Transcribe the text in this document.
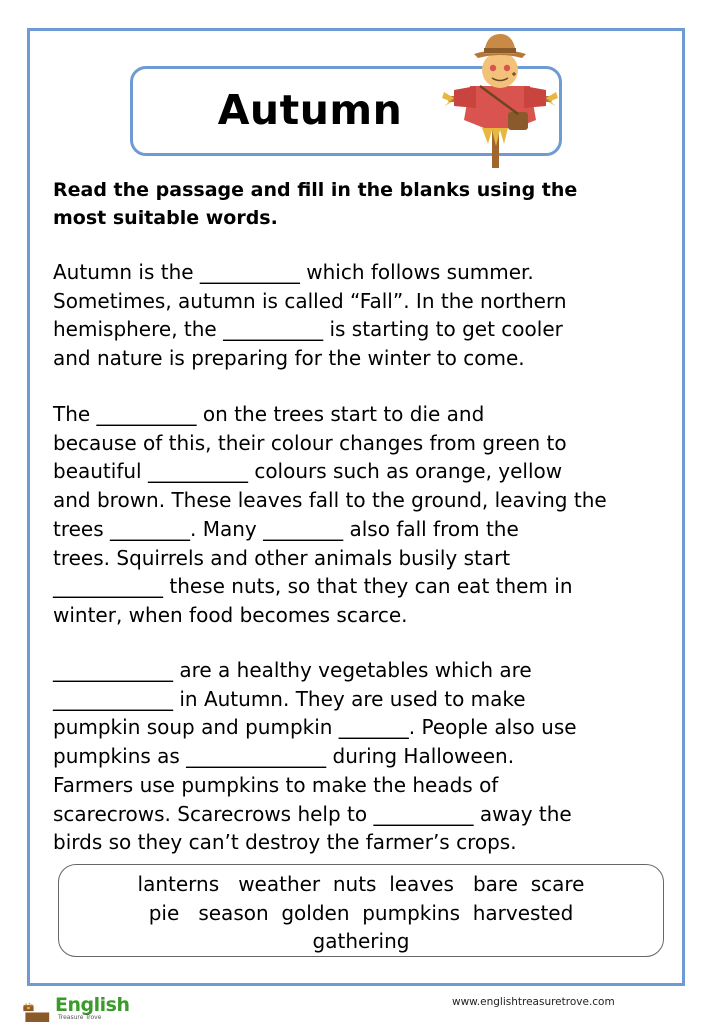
Autumn
Read the passage and fill in the blanks using the
most suitable words.
Autumn is the __________ which follows summer.
Sometimes, autumn is called “Fall”. In the northern
hemisphere, the __________ is starting to get cooler
and nature is preparing for the winter to come.
The __________ on the trees start to die and
because of this, their colour changes from green to
beautiful __________ colours such as orange, yellow
and brown. These leaves fall to the ground, leaving the
trees ________. Many ________ also fall from the
trees. Squirrels and other animals busily start
___________ these nuts, so that they can eat them in
winter, when food becomes scarce.
____________ are a healthy vegetables which are
____________ in Autumn. They are used to make
pumpkin soup and pumpkin _______. People also use
pumpkins as ______________ during Halloween.
Farmers use pumpkins to make the heads of
scarecrows. Scarecrows help to __________ away the
birds so they can’t destroy the farmer’s crops.
lanterns   weather  nuts  leaves   bare  scare
pie   season  golden  pumpkins  harvested
gathering
English
Treasure Trove
www.englishtreasuretrove.com
